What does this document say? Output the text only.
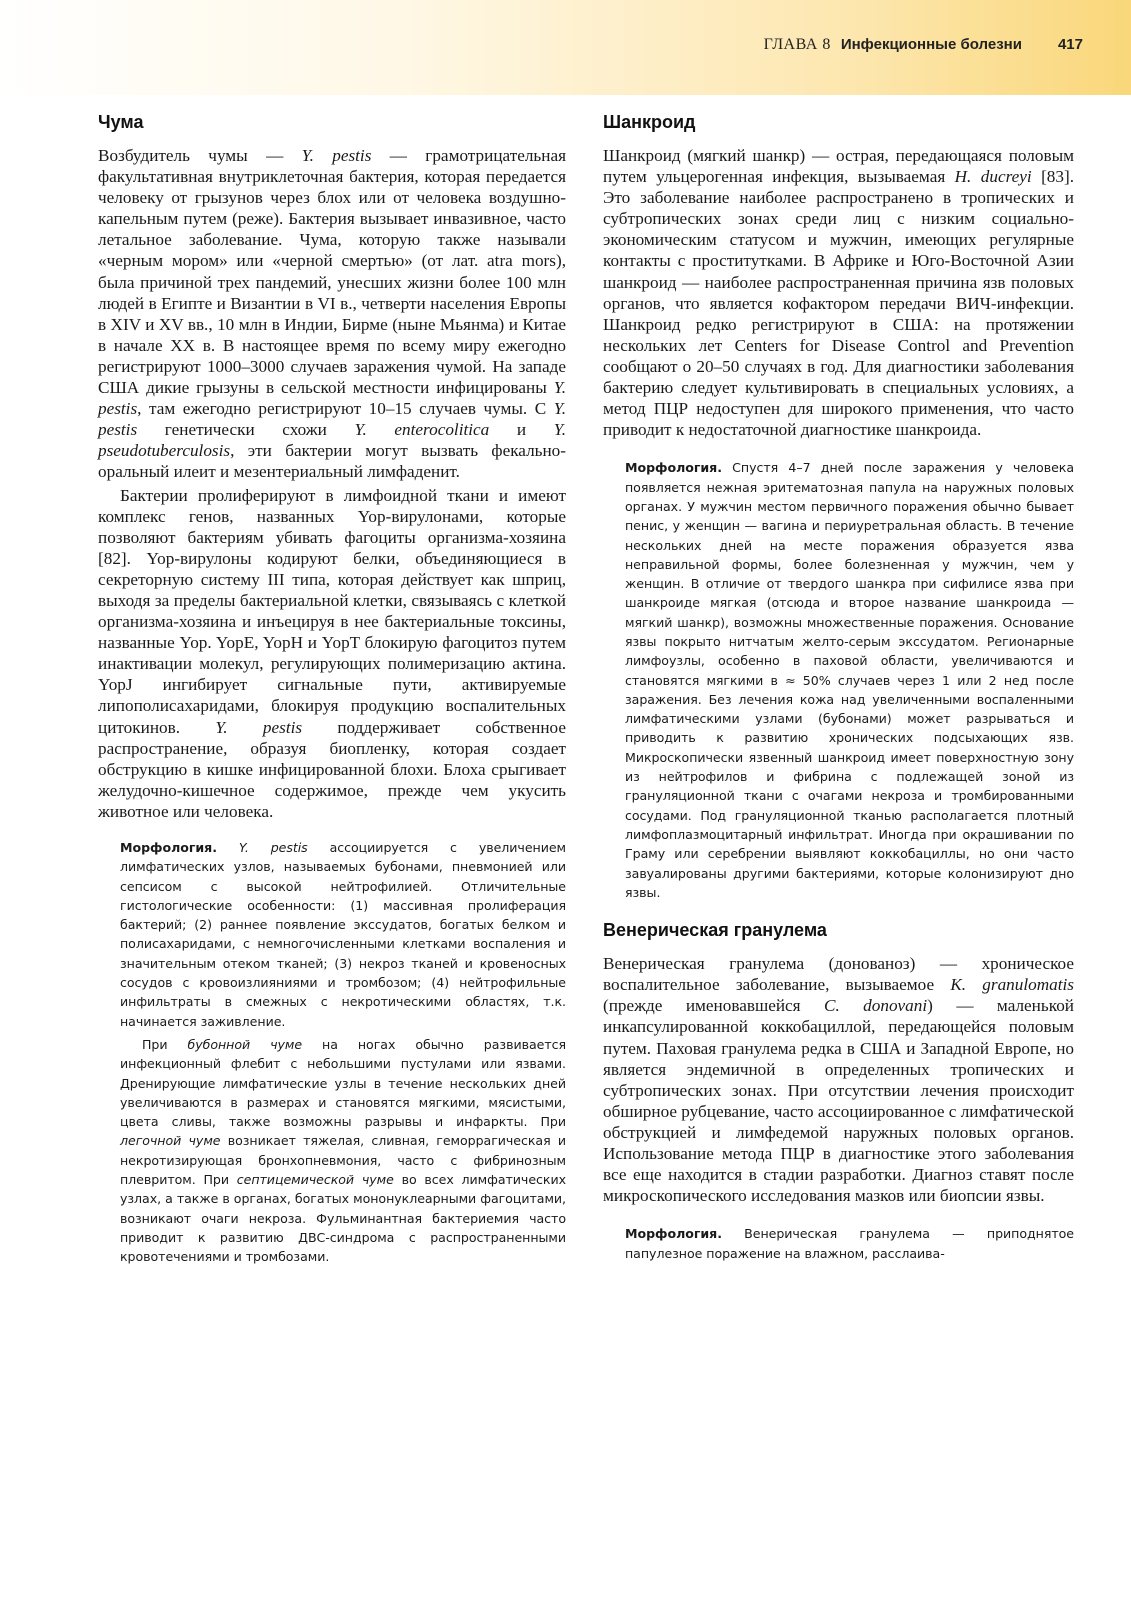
ГЛАВА 8 Инфекционные болезни 417
Чума

Возбудитель чумы — Y. pestis — грамотрицательная факультативная внутриклеточная бактерия, которая передается человеку от грызунов через блох или от человека воздушно-капельным путем (реже). Бактерия вызывает инвазивное, часто летальное заболевание. Чума, которую также называли «черным мором» или «черной смертью» (от лат. atra mors), была причиной трех пандемий, унесших жизни более 100 млн людей в Египте и Византии в VI в., четверти населения Европы в XIV и XV вв., 10 млн в Индии, Бирме (ныне Мьянма) и Китае в начале XX в. В настоящее время по всему миру ежегодно регистрируют 1000–3000 случаев заражения чумой. На западе США дикие грызуны в сельской местности инфицированы Y. pestis, там ежегодно регистрируют 10–15 случаев чумы. С Y. pestis генетически схожи Y. enterocolitica и Y. pseudotuberculosis, эти бактерии могут вызвать фекально-оральный илеит и мезентериальный лимфаденит.

Бактерии пролиферируют в лимфоидной ткани и имеют комплекс генов, названных Yop-вирулонами, которые позволяют бактериям убивать фагоциты организма-хозяина [82]. Yop-вирулоны кодируют белки, объединяющиеся в секреторную систему III типа, которая действует как шприц, выходя за пределы бактериальной клетки, связываясь с клеткой организма-хозяина и инъецируя в нее бактериальные токсины, названные Yop. YopE, YopH и YopT блокирую фагоцитоз путем инактивации молекул, регулирующих полимеризацию актина. YopJ ингибирует сигнальные пути, активируемые липополисахаридами, блокируя продукцию воспалительных цитокинов. Y. pestis поддерживает собственное распространение, образуя биопленку, которая создает обструкцию в кишке инфицированной блохи. Блоха срыгивает желудочно-кишечное содержимое, прежде чем укусить животное или человека.

Морфология. Y. pestis ассоциируется с увеличением лимфатических узлов, называемых бубонами, пневмонией или сепсисом с высокой нейтрофилией. Отличительные гистологические особенности: (1) массивная пролиферация бактерий; (2) раннее появление экссудатов, богатых белком и полисахаридами, с немногочисленными клетками воспаления и значительным отеком тканей; (3) некроз тканей и кровеносных сосудов с кровоизлияниями и тромбозом; (4) нейтрофильные инфильтраты в смежных с некротическими областях, т.к. начинается заживление.

При бубонной чуме на ногах обычно развивается инфекционный флебит с небольшими пустулами или язвами. Дренирующие лимфатические узлы в течение нескольких дней увеличиваются в размерах и становятся мягкими, мясистыми, цвета сливы, также возможны разрывы и инфаркты. При легочной чуме возникает тяжелая, сливная, геморрагическая и некротизирующая бронхопневмония, часто с фибринозным плевритом. При септицемической чуме во всех лимфатических узлах, а также в органах, богатых мононуклеарными фагоцитами, возникают очаги некроза. Фульминантная бактериемия часто приводит к развитию ДВС-синдрома с распространенными кровотечениями и тромбозами.

Шанкроид

Шанкроид (мягкий шанкр) — острая, передающаяся половым путем ульцерогенная инфекция, вызываемая H. ducreyi [83]. Это заболевание наиболее распространено в тропических и субтропических зонах среди лиц с низким социально-экономическим статусом и мужчин, имеющих регулярные контакты с проститутками. В Африке и Юго-Восточной Азии шанкроид — наиболее распространенная причина язв половых органов, что является кофактором передачи ВИЧ-инфекции. Шанкроид редко регистрируют в США: на протяжении нескольких лет Centers for Disease Control and Prevention сообщают о 20–50 случаях в год. Для диагностики заболевания бактерию следует культивировать в специальных условиях, а метод ПЦР недоступен для широкого применения, что часто приводит к недостаточной диагностике шанкроида.

Морфология. Спустя 4–7 дней после заражения у человека появляется нежная эритематозная папула на наружных половых органах. У мужчин местом первичного поражения обычно бывает пенис, у женщин — вагина и периуретральная область. В течение нескольких дней на месте поражения образуется язва неправильной формы, более болезненная у мужчин, чем у женщин. В отличие от твердого шанкра при сифилисе язва при шанкроиде мягкая (отсюда и второе название шанкроида — мягкий шанкр), возможны множественные поражения. Основание язвы покрыто нитчатым желто-серым экссудатом. Регионарные лимфоузлы, особенно в паховой области, увеличиваются и становятся мягкими в ≈ 50% случаев через 1 или 2 нед после заражения. Без лечения кожа над увеличенными воспаленными лимфатическими узлами (бубонами) может разрываться и приводить к развитию хронических подсыхающих язв. Микроскопически язвенный шанкроид имеет поверхностную зону из нейтрофилов и фибрина с подлежащей зоной из грануляционной ткани с очагами некроза и тромбированными сосудами. Под грануляционной тканью располагается плотный лимфоплазмоцитарный инфильтрат. Иногда при окрашивании по Граму или серебрении выявляют коккобациллы, но они часто завуалированы другими бактериями, которые колонизируют дно язвы.

Венерическая гранулема

Венерическая гранулема (донованоз) — хроническое воспалительное заболевание, вызываемое K. granulomatis (прежде именовавшейся C. donovani) — маленькой инкапсулированной коккобациллой, передающейся половым путем. Паховая гранулема редка в США и Западной Европе, но является эндемичной в определенных тропических и субтропических зонах. При отсутствии лечения происходит обширное рубцевание, часто ассоциированное с лимфатической обструкцией и лимфедемой наружных половых органов. Использование метода ПЦР в диагностике этого заболевания все еще находится в стадии разработки. Диагноз ставят после микроскопического исследования мазков или биопсии язвы.

Морфология. Венерическая гранулема — приподнятое папулезное поражение на влажном, расслаива-
